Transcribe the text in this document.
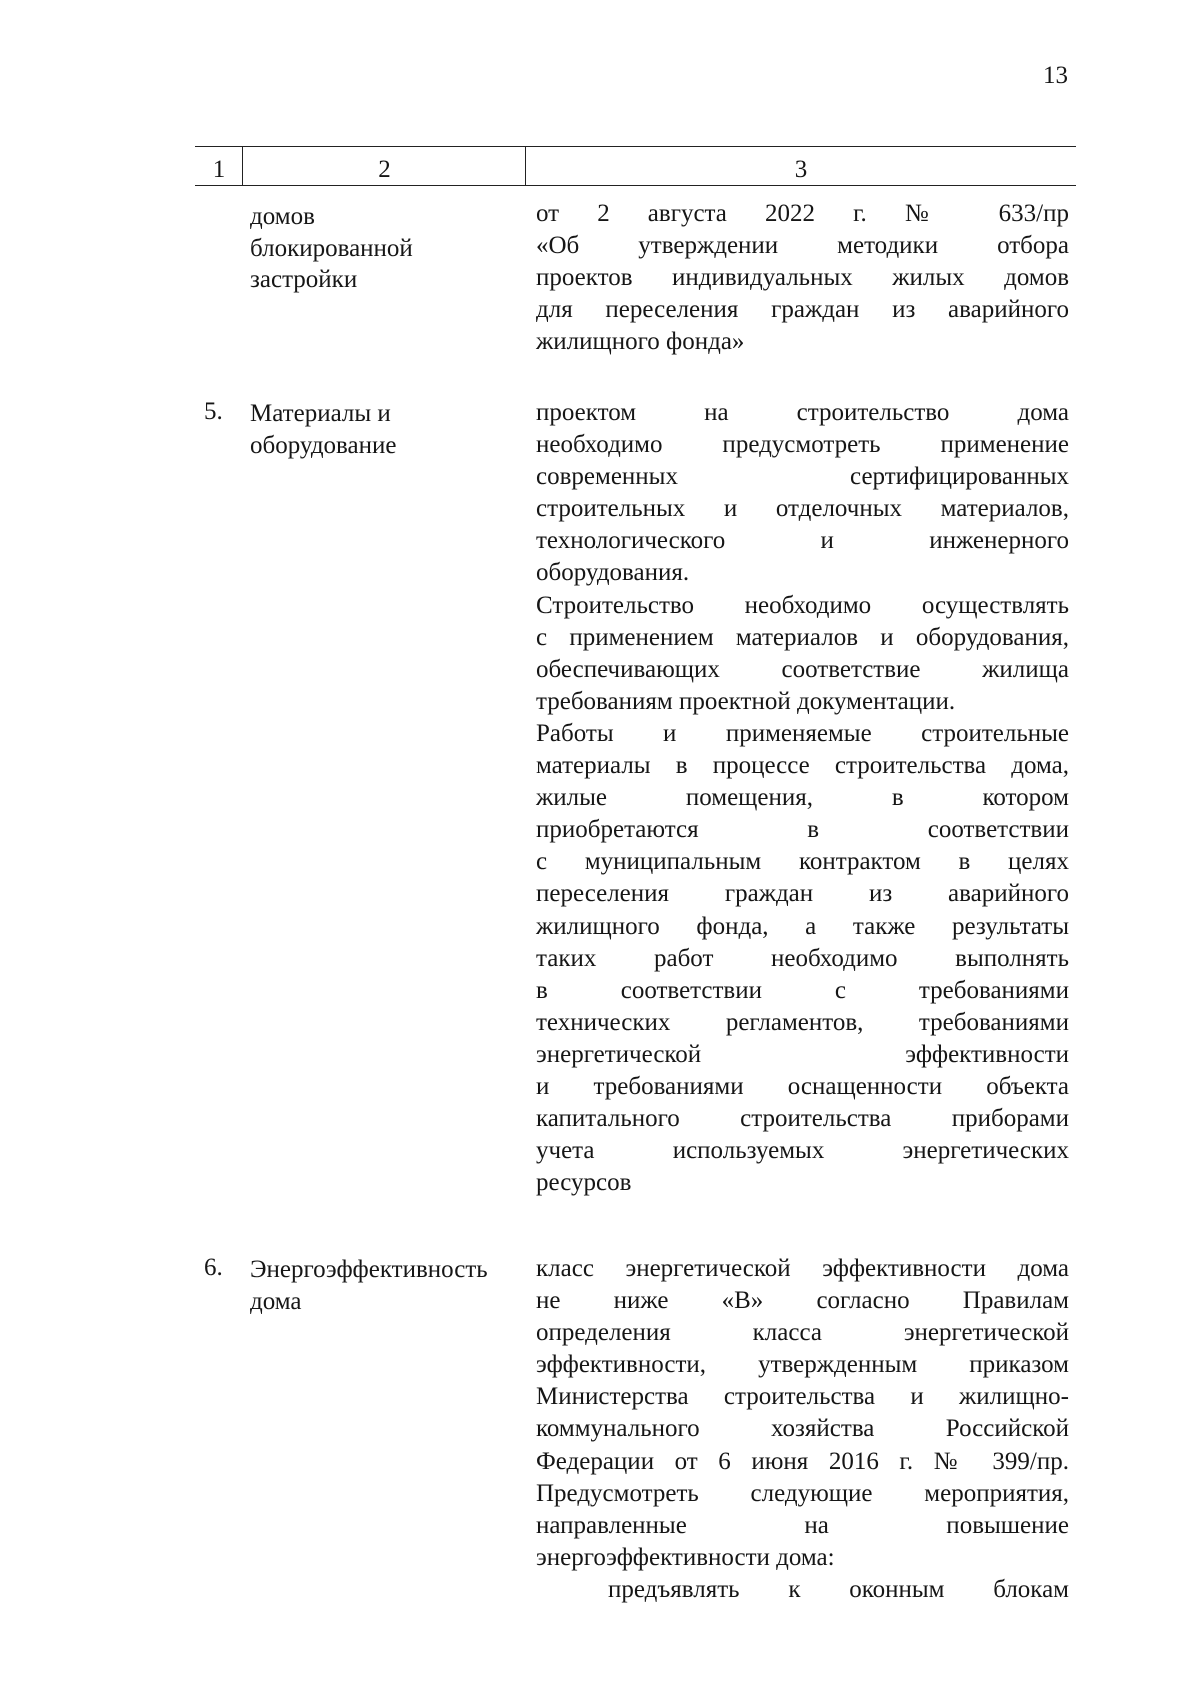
13
1	2	3
домов
блокированной
застройки

от 2 августа 2022 г. № 633/пр

«Об утверждении методики отбора

проектов индивидуальных жилых домов

для переселения граждан из аварийного

жилищного фонда»

5. Материалы и
оборудование

проектом на строительство дома

необходимо предусмотреть применение

современных сертифицированных

строительных и отделочных материалов,

технологического и инженерного

оборудования.

Строительство необходимо осуществлять

с применением материалов и оборудования,

обеспечивающих соответствие жилища

требованиям проектной документации.

Работы и применяемые строительные

материалы в процессе строительства дома,

жилые помещения, в котором

приобретаются в соответствии

с муниципальным контрактом в целях

переселения граждан из аварийного

жилищного фонда, а также результаты

таких работ необходимо выполнять

в соответствии с требованиями

технических регламентов, требованиями

энергетической эффективности

и требованиями оснащенности объекта

капитального строительства приборами

учета используемых энергетических

ресурсов

6. Энергоэффективность
дома

класс энергетической эффективности дома

не ниже «В» согласно Правилам

определения класса энергетической

эффективности, утвержденным приказом

Министерства строительства и жилищно-

коммунального хозяйства Российской

Федерации от 6 июня 2016 г. № 399/пр.

Предусмотреть следующие мероприятия,

направленные на повышение

энергоэффективности дома:

предъявлять к оконным блокам
